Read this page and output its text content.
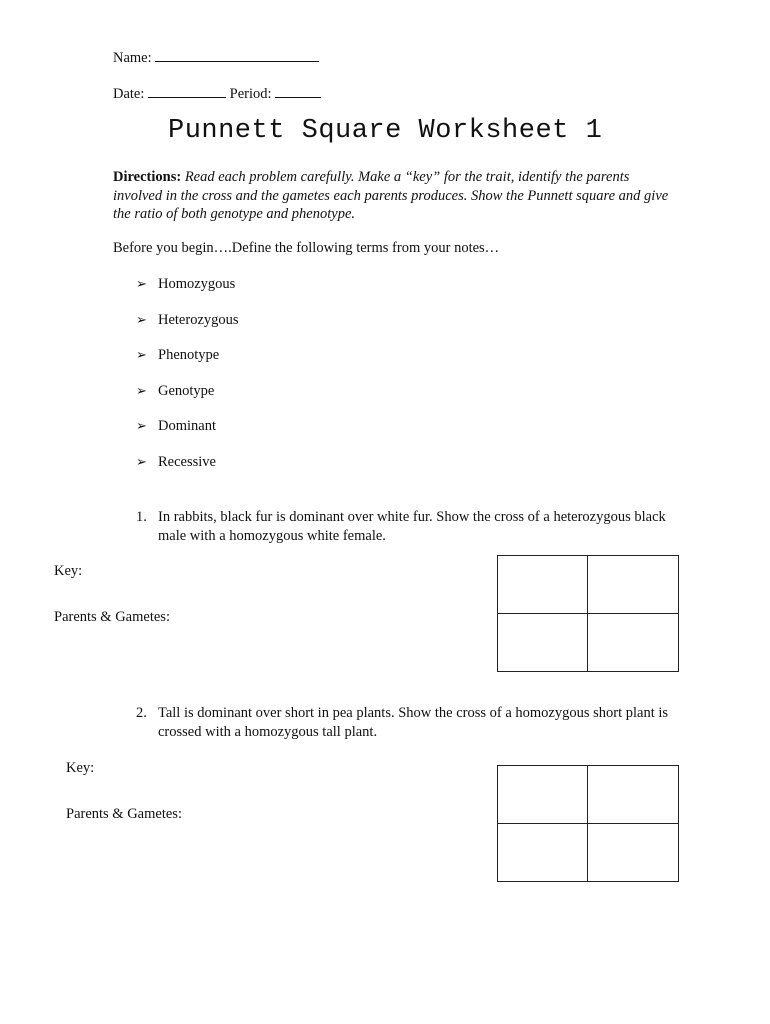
Name:
Date:	Period:
Punnett Square Worksheet 1
Directions: Read each problem carefully. Make a “key” for the trait, identify the parents involved in the cross and the gametes each parents produces. Show the Punnett square and give the ratio of both genotype and phenotype.
Before you begin….Define the following terms from your notes…
➢ Homozygous
➢ Heterozygous
➢ Phenotype
➢ Genotype
➢ Dominant
➢ Recessive
1. In rabbits, black fur is dominant over white fur. Show the cross of a heterozygous black male with a homozygous white female.
Key:
Parents & Gametes:
2. Tall is dominant over short in pea plants. Show the cross of a homozygous short plant is crossed with a homozygous tall plant.
Key:
Parents & Gametes:
